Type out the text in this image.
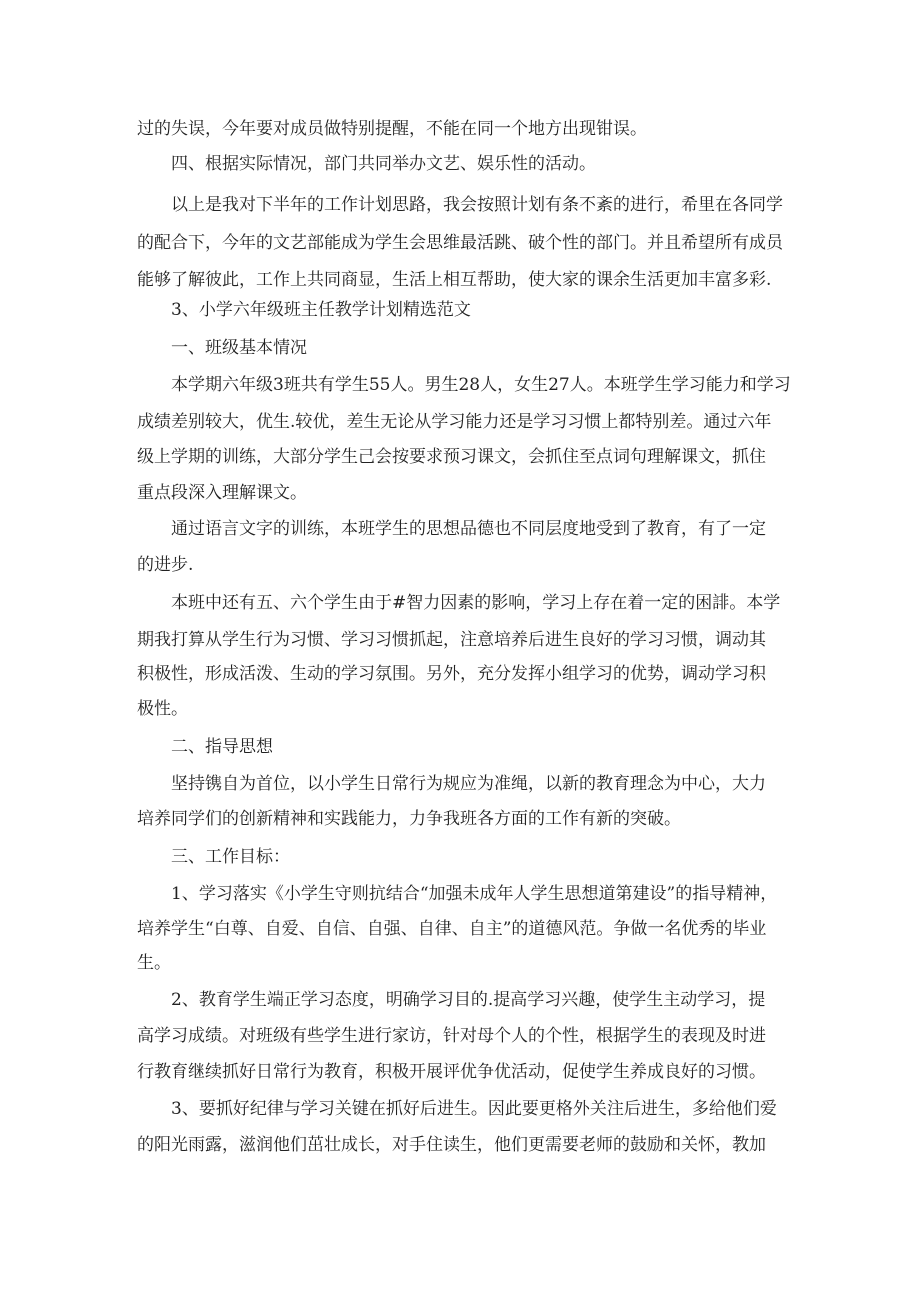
过的失误，今年要对成员做特别提醒，不能在同一个地方出现钳误。
四、根据实际情况，部门共同举办文艺、娱乐性的活动。
以上是我对下半年的工作计划思路，我会按照计划有条不紊的进行，希里在各同学
的配合下，今年的文艺部能成为学生会思维最活跳、破个性的部门。并且希望所有成员
能够了解彼此，工作上共同商显，生活上相互帮助，使大家的课余生活更加丰富多彩.
3、小学六年级班主任教学计划精选范文
一、班级基本情况
本学期六年级3班共有学生55人。男生28人，女生27人。本班学生学习能力和学习
成绩差别较大，优生.较优，差生无论从学习能力还是学习习惯上都特别差。通过六年
级上学期的训练，大部分学生己会按要求预习课文，会抓住至点词句理解课文，抓住
重点段深入理解课文。
通过语言文字的训练，本班学生的思想品德也不同层度地受到了教育，有了一定
的进步.
本班中还有五、六个学生由于#智力因素的影响，学习上存在着一定的困誹。本学
期我打算从学生行为习惯、学习习惯抓起，注意培养后进生良好的学习习惯，调动其
积极性，形成活泼、生动的学习氛围。另外，充分发挥小组学习的优势，调动学习积
极性。
二、指导思想
坚持镌自为首位，以小学生日常行为规应为准绳，以新的教育理念为中心，大力
培养同学们的创新精神和实践能力，力争我班各方面的工作有新的突破。
三、工作目标：
1、学习落实《小学生守则抗结合“加强未成年人学生思想道第建设”的指导精神，
培养学生“白尊、自爱、自信、自强、自律、自主”的道德风范。争做一名优秀的毕业
生。
2、教育学生端正学习态度，明确学习目的.提高学习兴趣，使学生主动学习，提
高学习成绩。对班级有些学生进行家访，针对母个人的个性，根据学生的表现及时进
行教育继续抓好日常行为教育，积极开展评优争优活动，促使学生养成良好的习惯。
3、要抓好纪律与学习关键在抓好后进生。因此要更格外关注后进生，多给他们爱
的阳光雨露，滋润他们茁壮成长，对手住读生，他们更需要老师的鼓励和关怀，教加
